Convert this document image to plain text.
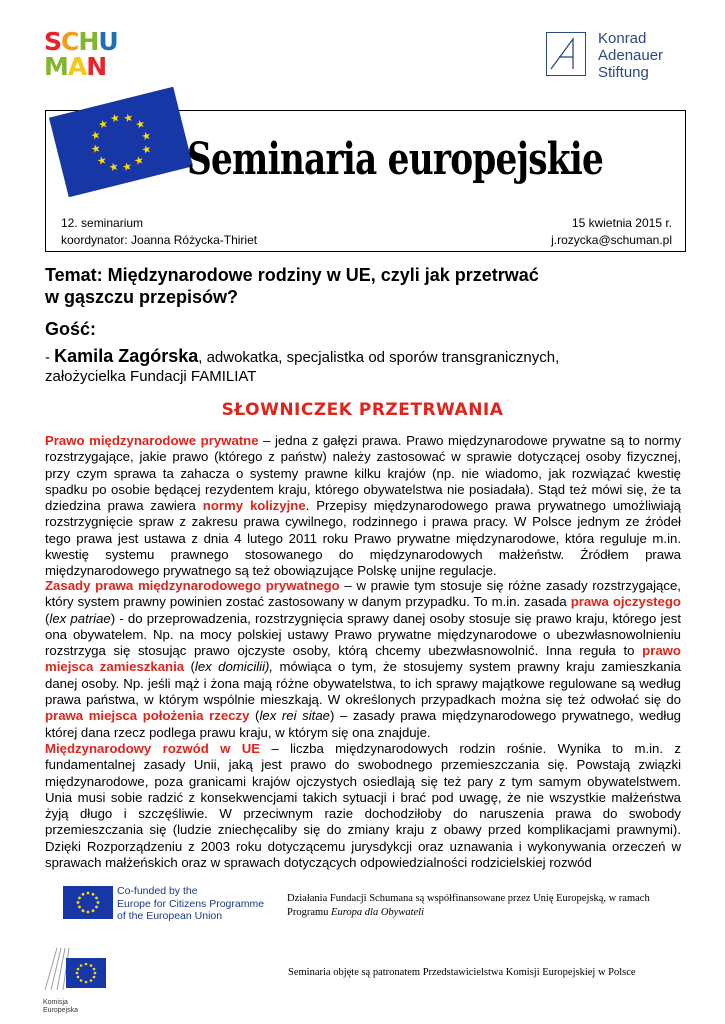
SCHU
MAN
Konrad
Adenauer
Stiftung
★ ★ ★
★
★
★
★
★
★
★
★
★
Seminaria europejskie
12. seminarium
koordynator: Joanna Różycka-Thiriet
15 kwietnia 2015 r.
j.rozycka@schuman.pl
Temat: Międzynarodowe rodziny w UE, czyli jak przetrwać
w gąszczu przepisów?
Gość:
- Kamila Zagórska, adwokatka, specjalistka od sporów transgranicznych,
założycielka Fundacji FAMILIAT
SŁOWNICZEK PRZETRWANIA
Prawo międzynarodowe prywatne – jedna z gałęzi prawa. Prawo międzynarodowe prywatne są to normy rozstrzygające, jakie prawo (którego z państw) należy zastosować w sprawie dotyczącej osoby fizycznej, przy czym sprawa ta zahacza o systemy prawne kilku krajów (np. nie wiadomo, jak rozwiązać kwestię spadku po osobie będącej rezydentem kraju, którego obywatelstwa nie posiadała). Stąd też mówi się, że ta dziedzina prawa zawiera normy kolizyjne. Przepisy międzynarodowego prawa prywatnego umożliwiają rozstrzygnięcie spraw z zakresu prawa cywilnego, rodzinnego i prawa pracy. W Polsce jednym ze źródeł tego prawa jest ustawa z dnia 4 lutego 2011 roku Prawo prywatne międzynarodowe, która reguluje m.in. kwestię systemu prawnego stosowanego do międzynarodowych małżeństw. Źródłem prawa międzynarodowego prywatnego są też obowiązujące Polskę unijne regulacje.
Zasady prawa międzynarodowego prywatnego – w prawie tym stosuje się różne zasady rozstrzygające, który system prawny powinien zostać zastosowany w danym przypadku. To m.in. zasada prawa ojczystego (lex patriae) - do przeprowadzenia, rozstrzygnięcia sprawy danej osoby stosuje się prawo kraju, którego jest ona obywatelem. Np. na mocy polskiej ustawy Prawo prywatne międzynarodowe o ubezwłasnowolnieniu rozstrzyga się stosując prawo ojczyste osoby, którą chcemy ubezwłasnowolnić. Inna reguła to prawo miejsca zamieszkania (lex domicilii), mówiąca o tym, że stosujemy system prawny kraju zamieszkania danej osoby. Np. jeśli mąż i żona mają różne obywatelstwa, to ich sprawy majątkowe regulowane są według prawa państwa, w którym wspólnie mieszkają. W określonych przypadkach można się też odwołać się do prawa miejsca położenia rzeczy (lex rei sitae) – zasady prawa międzynarodowego prywatnego, według której dana rzecz podlega prawu kraju, w którym się ona znajduje.
Międzynarodowy rozwód w UE – liczba międzynarodowych rodzin rośnie. Wynika to m.in. z fundamentalnej zasady Unii, jaką jest prawo do swobodnego przemieszczania się. Powstają związki międzynarodowe, poza granicami krajów ojczystych osiedlają się też pary z tym samym obywatelstwem. Unia musi sobie radzić z konsekwencjami takich sytuacji i brać pod uwagę, że nie wszystkie małżeństwa żyją długo i szczęśliwie. W przeciwnym razie dochodziłoby do naruszenia prawa do swobody przemieszczania się (ludzie zniechęcaliby się do zmiany kraju z obawy przed komplikacjami prawnymi). Dzięki Rozporządzeniu z 2003 roku dotyczącemu jurysdykcji oraz uznawania i wykonywania orzeczeń w sprawach małżeńskich oraz w sprawach dotyczących odpowiedzialności rodzicielskiej rozwód
Co-funded by the
Europe for Citizens Programme
of the European Union
Działania Fundacji Schumana są współfinansowane przez Unię Europejską, w ramach
Programu Europa dla Obywateli
Komisja
Europejska
Seminaria objęte są patronatem Przedstawicielstwa Komisji Europejskiej w Polsce
